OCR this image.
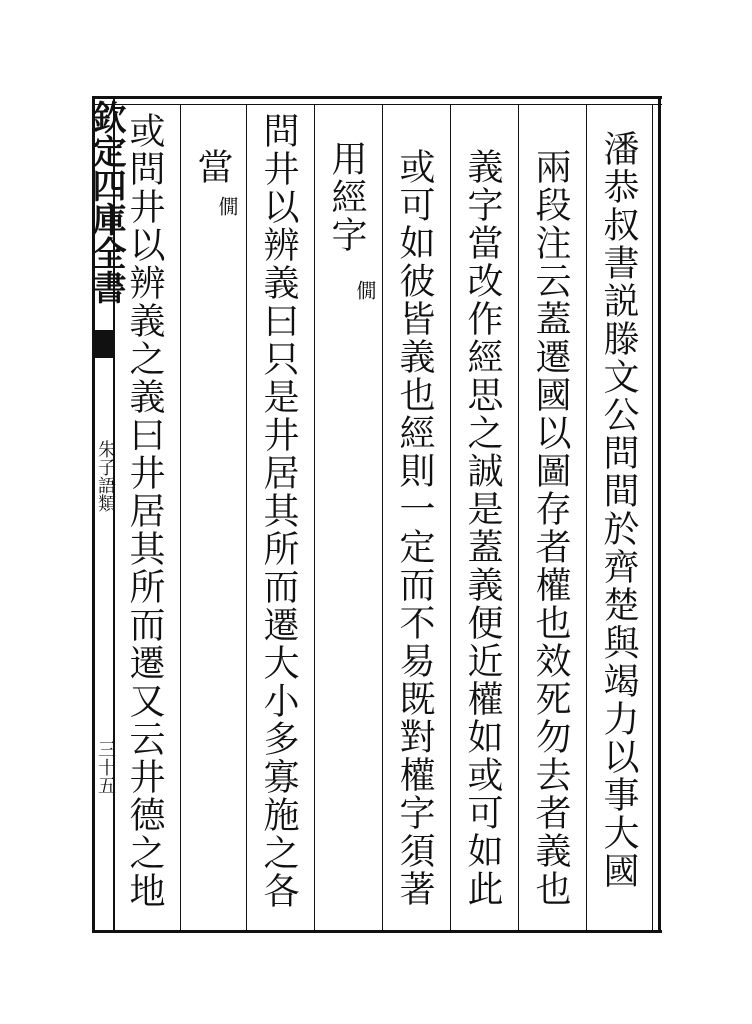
欽定四庫全書
朱子語類
三十五	潘恭叔書説滕文公問間於齊楚與竭力以事大國
兩段注云蓋遷國以圖存者權也效死勿去者義也
義字當改作經思之誠是蓋義便近權如或可如此
或可如彼皆義也經則一定而不易既對權字須著
用經字
僩
問井以辨義曰只是井居其所而遷大小多寡施之各
當
僩
或問井以辨義之義曰井居其所而遷又云井德之地
